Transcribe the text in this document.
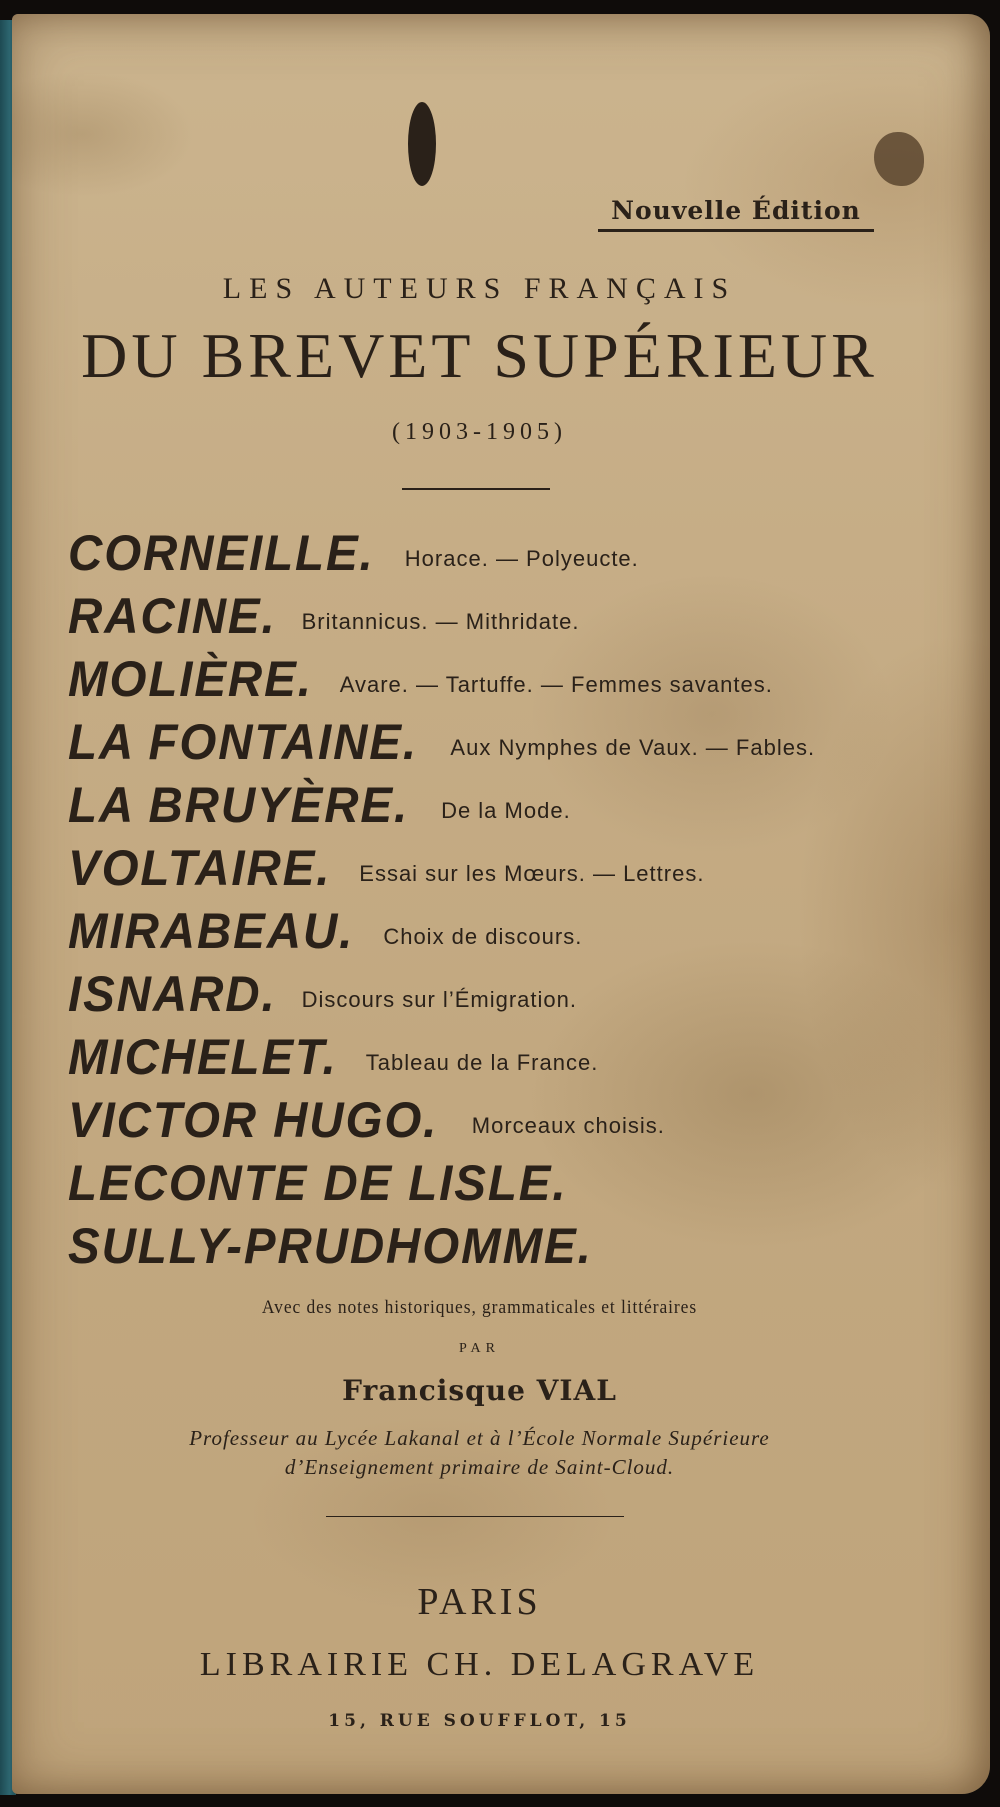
Nouvelle Édition
LES AUTEURS FRANÇAIS
DU BREVET SUPÉRIEUR
(1903-1905)
CORNEILLE. Horace. — Polyeucte.
RACINE. Britannicus. — Mithridate.
MOLIÈRE. Avare. — Tartuffe. — Femmes savantes.
LA FONTAINE. Aux Nymphes de Vaux. — Fables.
LA BRUYÈRE. De la Mode.
VOLTAIRE. Essai sur les Mœurs. — Lettres.
MIRABEAU. Choix de discours.
ISNARD. Discours sur l’Émigration.
MICHELET. Tableau de la France.
VICTOR HUGO. Morceaux choisis.
LECONTE DE LISLE.
SULLY-PRUDHOMME.
Avec des notes historiques, grammaticales et littéraires
PAR
Francisque VIAL
Professeur au Lycée Lakanal et à l’École Normale Supérieure
d’Enseignement primaire de Saint-Cloud.
PARIS
LIBRAIRIE CH. DELAGRAVE
15, RUE SOUFFLOT, 15
